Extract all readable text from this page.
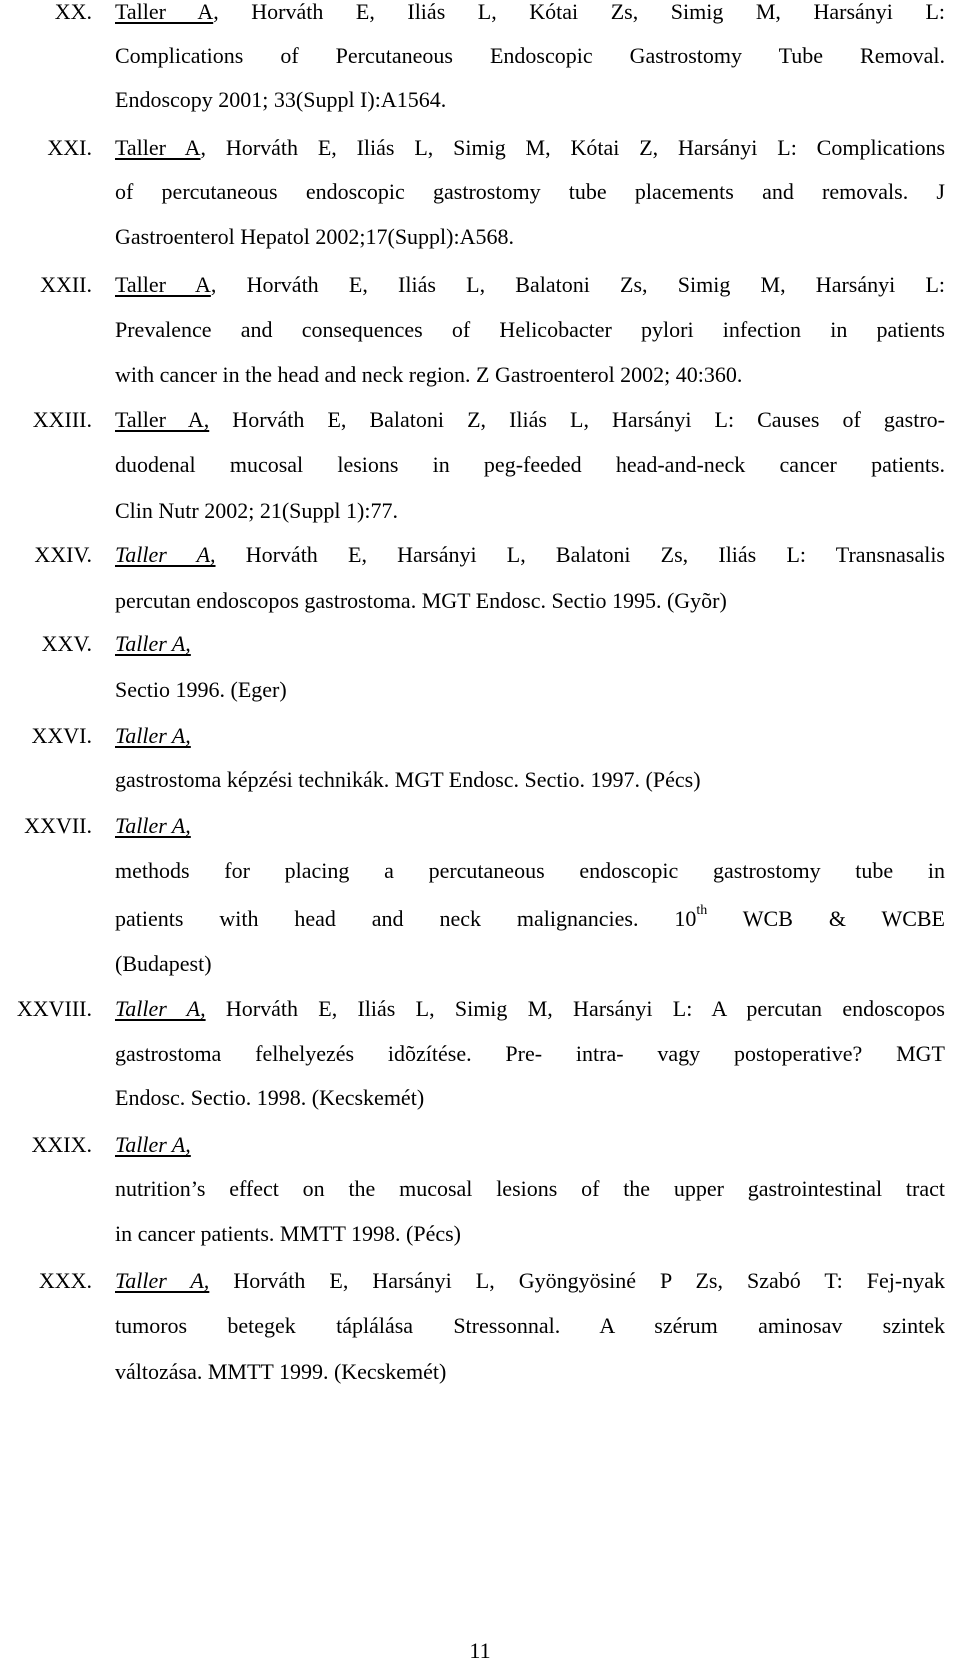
XX. Taller A, Horváth E, Iliás L, Kótai Zs, Simig M, Harsányi L:
Complications of Percutaneous Endoscopic Gastrostomy Tube Removal.
Endoscopy 2001; 33(Suppl I):A1564.
XXI. Taller A, Horváth E, Iliás L, Simig M, Kótai Z, Harsányi L: Complications
of percutaneous endoscopic gastrostomy tube placements and removals. J
Gastroenterol Hepatol 2002;17(Suppl):A568.
XXII. Taller A, Horváth E, Iliás L, Balatoni Zs, Simig M, Harsányi L:
Prevalence and consequences of Helicobacter pylori infection in patients
with cancer in the head and neck region. Z Gastroenterol 2002; 40:360.
XXIII. Taller A, Horváth E, Balatoni Z, Iliás L, Harsányi L: Causes of gastro-
duodenal mucosal lesions in peg-feeded head-and-neck cancer patients.
Clin Nutr 2002; 21(Suppl 1):77.
XXIV. Taller A, Horváth E, Harsányi L, Balatoni Zs, Iliás L: Transnasalis
percutan endoscopos gastrostoma. MGT Endosc. Sectio 1995. (Gyõr)
XXV. Taller A,
Sectio 1996. (Eger)
XXVI. Taller A,
gastrostoma képzési technikák. MGT Endosc. Sectio. 1997. (Pécs)
XXVII. Taller A,
methods for placing a percutaneous endoscopic gastrostomy tube in
patients with head and neck malignancies. 10th WCB & WCBE
(Budapest)
XXVIII. Taller A, Horváth E, Iliás L, Simig M, Harsányi L: A percutan endoscopos
gastrostoma felhelyezés idõzítése. Pre- intra- vagy postoperative? MGT
Endosc. Sectio. 1998. (Kecskemét)
XXIX. Taller A,
nutrition’s effect on the mucosal lesions of the upper gastrointestinal tract
in cancer patients. MMTT 1998. (Pécs)
XXX. Taller A, Horváth E, Harsányi L, Gyöngyösiné P Zs, Szabó T: Fej-nyak
tumoros betegek táplálása Stressonnal. A szérum aminosav szintek
változása. MMTT 1999. (Kecskemét)
11
